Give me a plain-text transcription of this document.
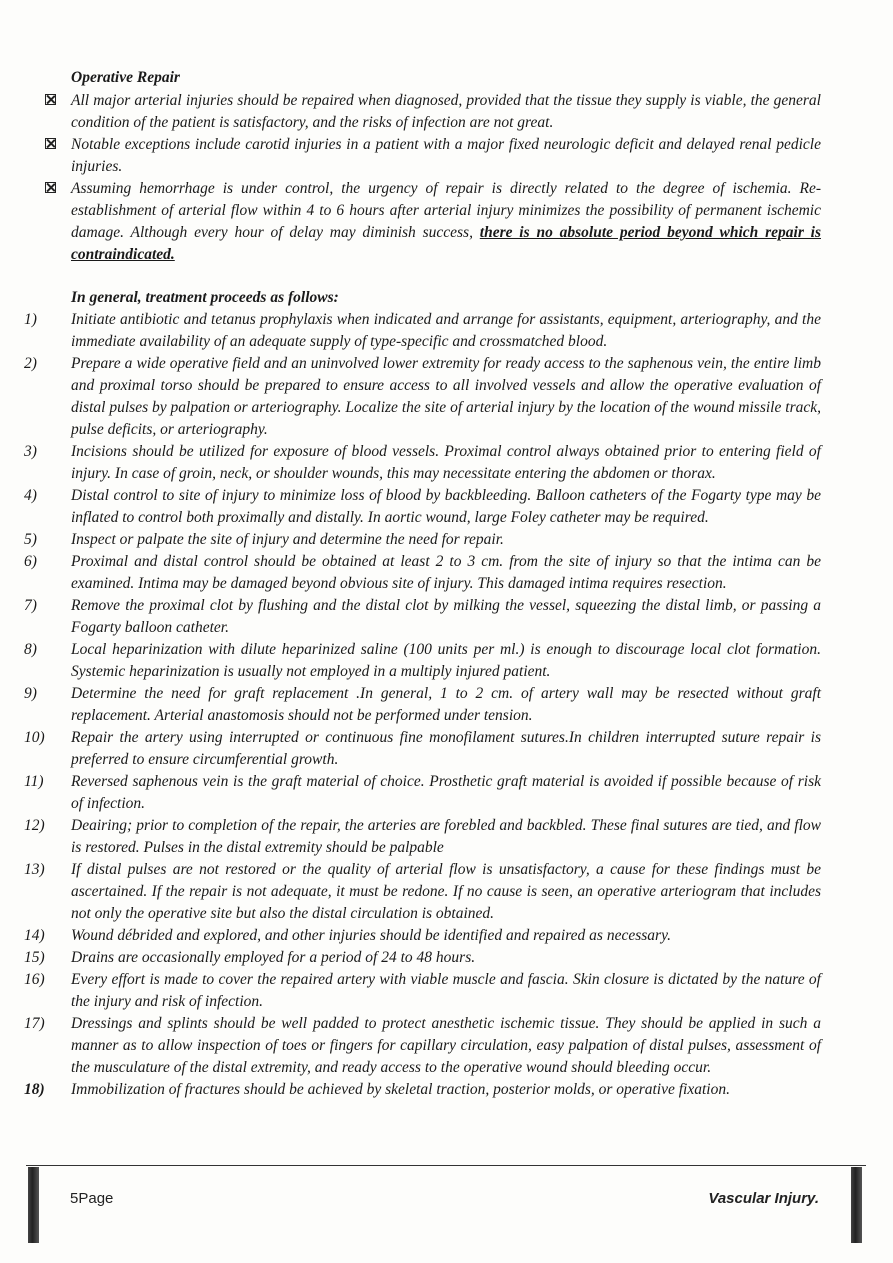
Operative Repair

All major arterial injuries should be repaired when diagnosed, provided that the tissue they supply is viable, the general condition of the patient is satisfactory, and the risks of infection are not great.
Notable exceptions include carotid injuries in a patient with a major fixed neurologic deficit and delayed renal pedicle injuries.
Assuming hemorrhage is under control, the urgency of repair is directly related to the degree of ischemia. Re-establishment of arterial flow within 4 to 6 hours after arterial injury minimizes the possibility of permanent ischemic damage. Although every hour of delay may diminish success, there is no absolute period beyond which repair is contraindicated.

In general, treatment proceeds as follows:

1) Initiate antibiotic and tetanus prophylaxis when indicated and arrange for assistants, equipment, arteriography, and the immediate availability of an adequate supply of type-specific and crossmatched blood.
2) Prepare a wide operative field and an uninvolved lower extremity for ready access to the saphenous vein, the entire limb and proximal torso should be prepared to ensure access to all involved vessels and allow the operative evaluation of distal pulses by palpation or arteriography. Localize the site of arterial injury by the location of the wound missile track, pulse deficits, or arteriography.
3) Incisions should be utilized for exposure of blood vessels. Proximal control always obtained prior to entering field of injury. In case of groin, neck, or shoulder wounds, this may necessitate entering the abdomen or thorax.
4) Distal control to site of injury to minimize loss of blood by backbleeding. Balloon catheters of the Fogarty type may be inflated to control both proximally and distally. In aortic wound, large Foley catheter may be required.
5) Inspect or palpate the site of injury and determine the need for repair.
6) Proximal and distal control should be obtained at least 2 to 3 cm. from the site of injury so that the intima can be examined. Intima may be damaged beyond obvious site of injury. This damaged intima requires resection.
7) Remove the proximal clot by flushing and the distal clot by milking the vessel, squeezing the distal limb, or passing a Fogarty balloon catheter.
8) Local heparinization with dilute heparinized saline (100 units per ml.) is enough to discourage local clot formation. Systemic heparinization is usually not employed in a multiply injured patient.
9) Determine the need for graft replacement .In general, 1 to 2 cm. of artery wall may be resected without graft replacement. Arterial anastomosis should not be performed under tension.
10) Repair the artery using interrupted or continuous fine monofilament sutures.In children interrupted suture repair is preferred to ensure circumferential growth.
11) Reversed saphenous vein is the graft material of choice. Prosthetic graft material is avoided if possible because of risk of infection.
12) Deairing; prior to completion of the repair, the arteries are forebled and backbled. These final sutures are tied, and flow is restored. Pulses in the distal extremity should be palpable
13) If distal pulses are not restored or the quality of arterial flow is unsatisfactory, a cause for these findings must be ascertained. If the repair is not adequate, it must be redone. If no cause is seen, an operative arteriogram that includes not only the operative site but also the distal circulation is obtained.
14) Wound débrided and explored, and other injuries should be identified and repaired as necessary.
15) Drains are occasionally employed for a period of 24 to 48 hours.
16) Every effort is made to cover the repaired artery with viable muscle and fascia. Skin closure is dictated by the nature of the injury and risk of infection.
17) Dressings and splints should be well padded to protect anesthetic ischemic tissue. They should be applied in such a manner as to allow inspection of toes or fingers for capillary circulation, easy palpation of distal pulses, assessment of the musculature of the distal extremity, and ready access to the operative wound should bleeding occur.
18) Immobilization of fractures should be achieved by skeletal traction, posterior molds, or operative fixation.
5Page	Vascular Injury.
